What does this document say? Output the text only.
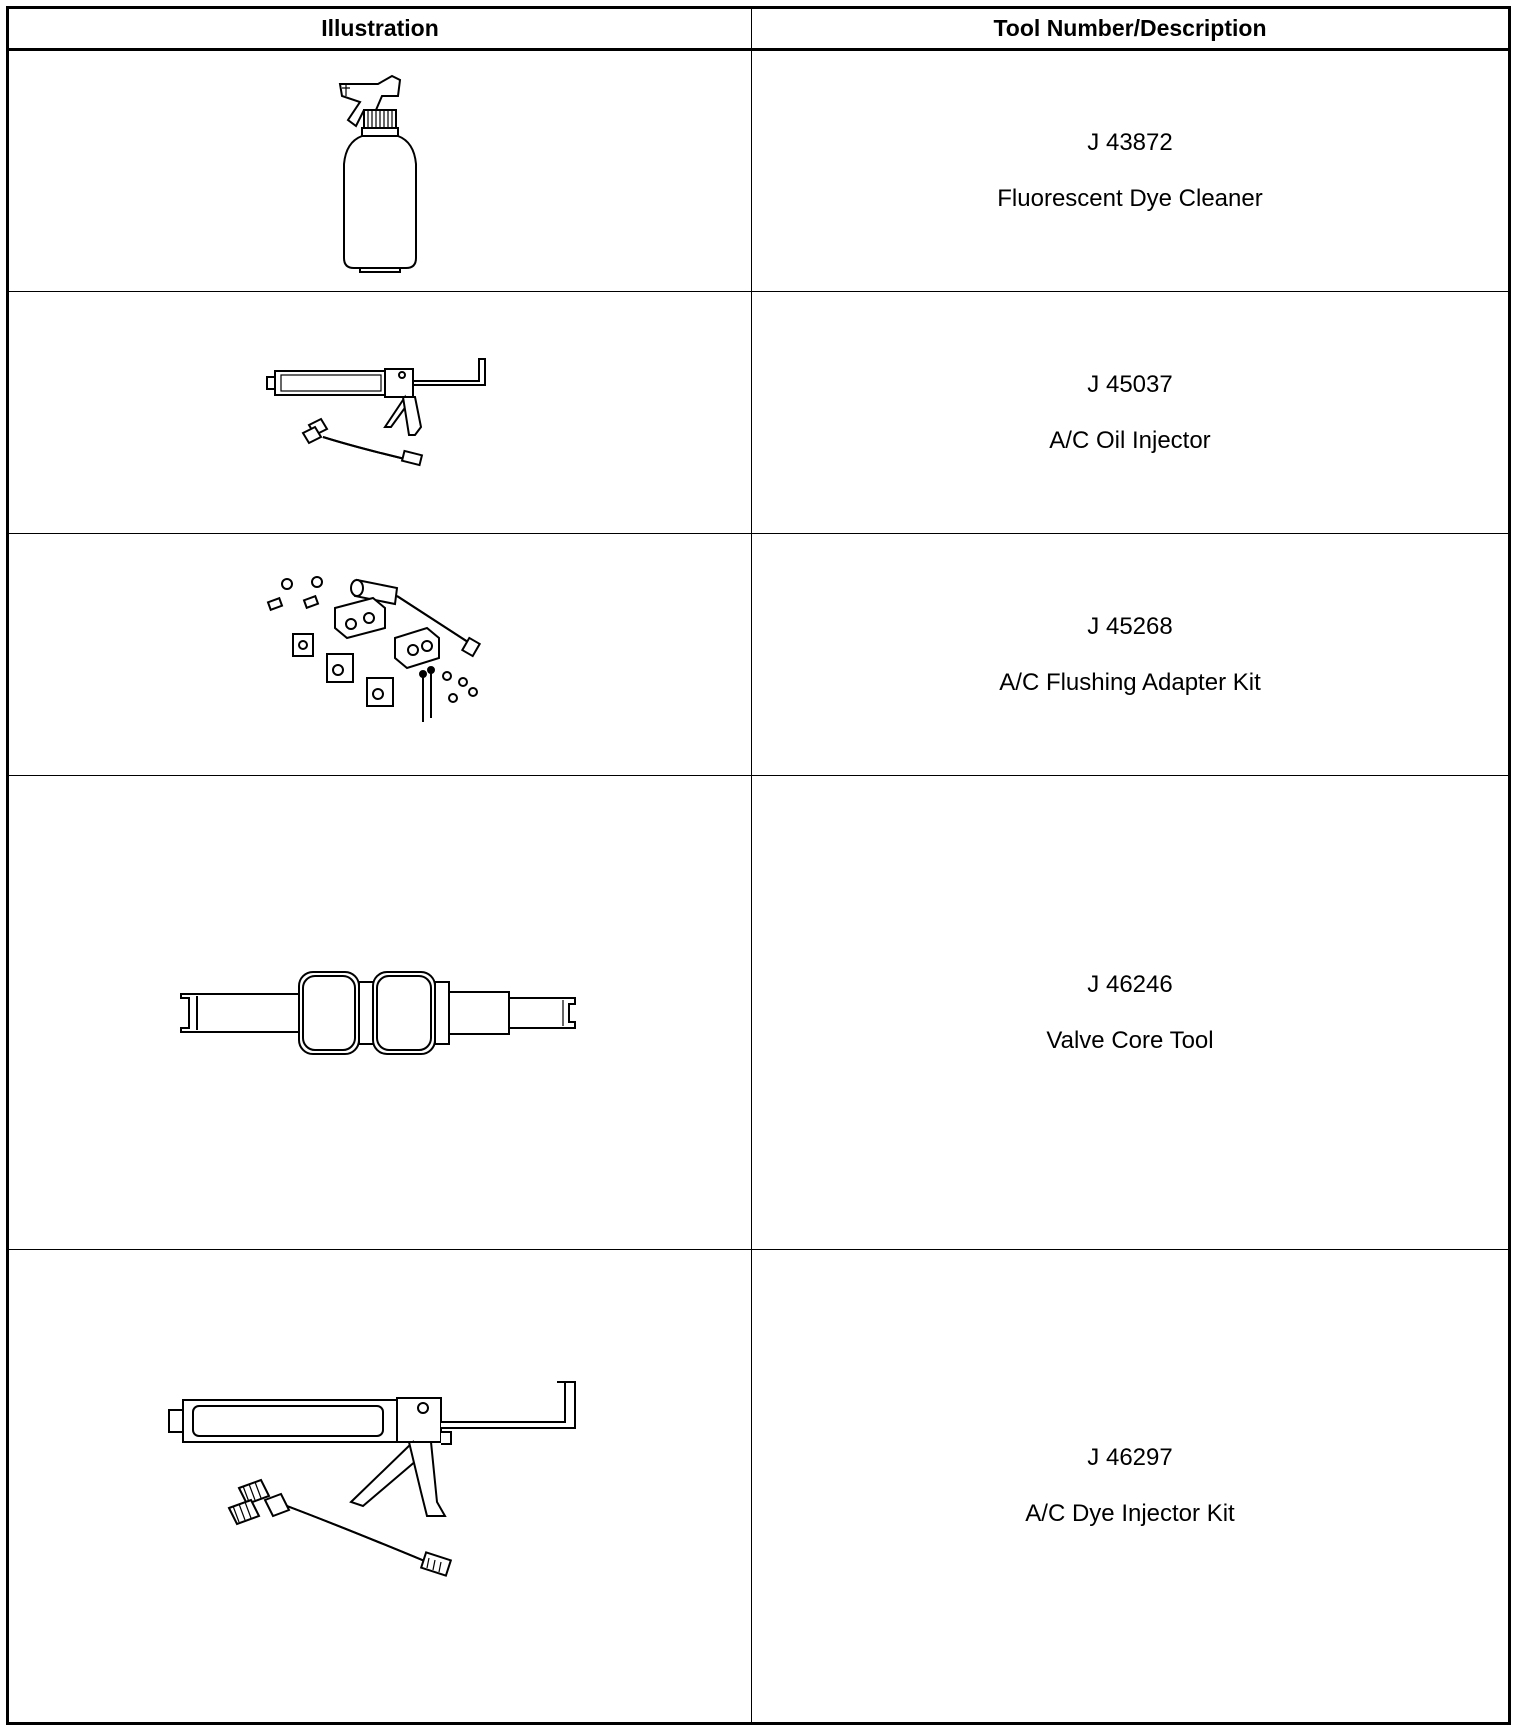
Illustration	Tool Number/Description

J 43872
Fluorescent Dye Cleaner

J 45037
A/C Oil Injector

J 45268
A/C Flushing Adapter Kit

J 46246
Valve Core Tool

J 46297
A/C Dye Injector Kit
